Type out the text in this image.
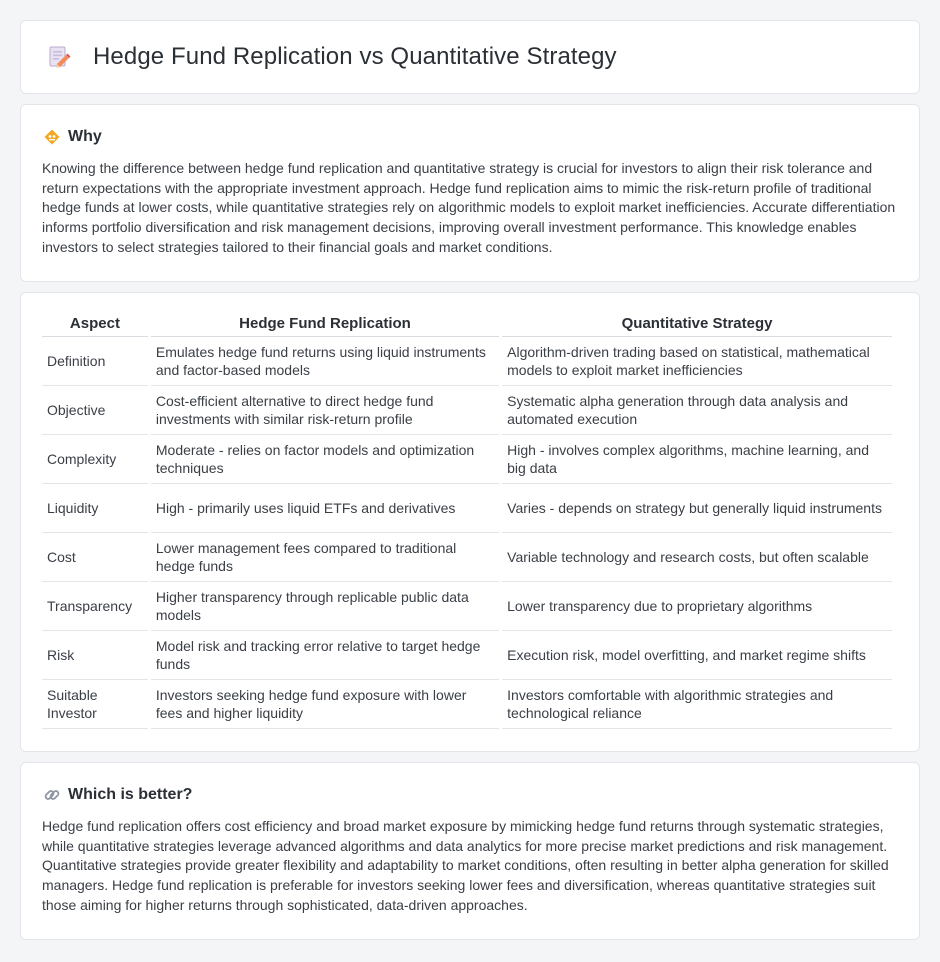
Hedge Fund Replication vs Quantitative Strategy
Why

Knowing the difference between hedge fund replication and quantitative strategy is crucial for investors to align their risk tolerance and return expectations with the appropriate investment approach. Hedge fund replication aims to mimic the risk-return profile of traditional hedge funds at lower costs, while quantitative strategies rely on algorithmic models to exploit market inefficiencies. Accurate differentiation informs portfolio diversification and risk management decisions, improving overall investment performance. This knowledge enables investors to select strategies tailored to their financial goals and market conditions.

Aspect	Hedge Fund Replication	Quantitative Strategy
Definition	Emulates hedge fund returns using liquid instruments and factor-based models	Algorithm-driven trading based on statistical, mathematical models to exploit market inefficiencies
Objective	Cost-efficient alternative to direct hedge fund investments with similar risk-return profile	Systematic alpha generation through data analysis and automated execution
Complexity	Moderate - relies on factor models and optimization techniques	High - involves complex algorithms, machine learning, and big data
Liquidity	High - primarily uses liquid ETFs and derivatives	Varies - depends on strategy but generally liquid instruments
Cost	Lower management fees compared to traditional hedge funds	Variable technology and research costs, but often scalable
Transparency	Higher transparency through replicable public data models	Lower transparency due to proprietary algorithms
Risk	Model risk and tracking error relative to target hedge funds	Execution risk, model overfitting, and market regime shifts
Suitable Investor	Investors seeking hedge fund exposure with lower fees and higher liquidity	Investors comfortable with algorithmic strategies and technological reliance
Which is better?

Hedge fund replication offers cost efficiency and broad market exposure by mimicking hedge fund returns through systematic strategies, while quantitative strategies leverage advanced algorithms and data analytics for more precise market predictions and risk management. Quantitative strategies provide greater flexibility and adaptability to market conditions, often resulting in better alpha generation for skilled managers. Hedge fund replication is preferable for investors seeking lower fees and diversification, whereas quantitative strategies suit those aiming for higher returns through sophisticated, data-driven approaches.
